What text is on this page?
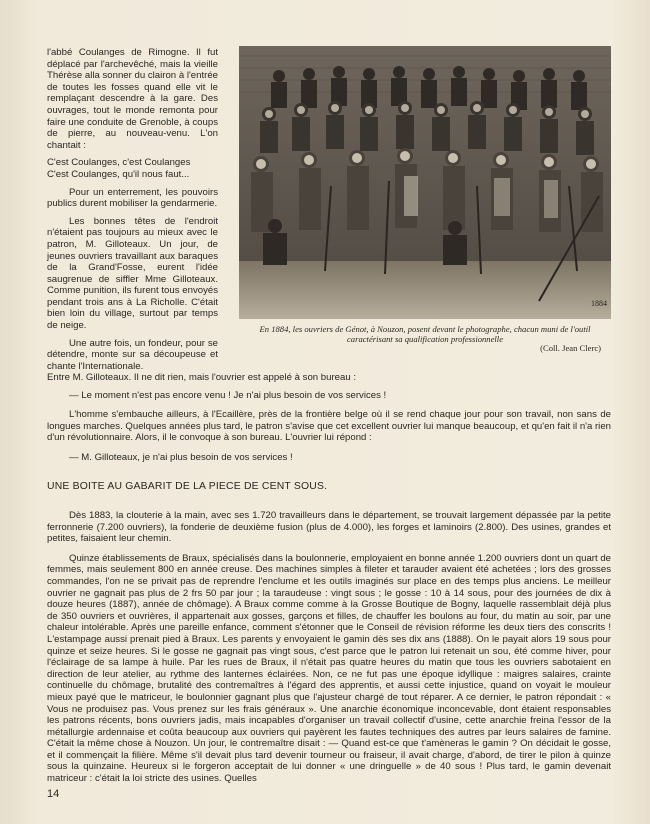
l'abbé Coulanges de Rimogne. Il fut déplacé par l'archevêché, mais la vieille Thérèse alla sonner du clairon à l'entrée de toutes les fosses quand elle vit le remplaçant descendre à la gare. Des ouvrages, tout le monde remonta pour faire une conduite de Grenoble, à coups de pierre, au nouveau-venu. L'on chantait :

C'est Coulanges, c'est Coulanges
C'est Coulanges, qu'il nous faut...

Pour un enterrement, les pouvoirs publics durent mobiliser la gendarmerie.

Les bonnes têtes de l'endroit n'étaient pas toujours au mieux avec le patron, M. Gilloteaux. Un jour, de jeunes ouvriers travaillant aux baraques de la Grand'Fosse, eurent l'idée saugrenue de siffler Mme Gilloteaux. Comme punition, ils furent tous envoyés pendant trois ans à La Richolle. C'était bien loin du village, surtout par temps de neige.

Une autre fois, un fondeur, pour se détendre, monte sur sa découpeuse et chante l'Internationale.

1884
En 1884, les ouvriers de Génot, à Nouzon, posent devant le photographe, chacun muni de l'outil caractérisant sa qualification professionnelle
(Coll. Jean Clerc)

Entre M. Gilloteaux. Il ne dit rien, mais l'ouvrier est appelé à son bureau :

— Le moment n'est pas encore venu ! Je n'ai plus besoin de vos services !

L'homme s'embauche ailleurs, à l'Ecaillère, près de la frontière belge où il se rend chaque jour pour son travail, non sans de longues marches. Quelques années plus tard, le patron s'avise que cet excellent ouvrier lui manque beaucoup, et qu'en fait il n'a rien d'un révolutionnaire. Alors, il le convoque à son bureau. L'ouvrier lui répond :

— M. Gilloteaux, je n'ai plus besoin de vos services !

UNE BOITE AU GABARIT DE LA PIECE DE CENT SOUS.

Dès 1883, la clouterie à la main, avec ses 1.720 travailleurs dans le département, se trouvait largement dépassée par la petite ferronnerie (7.200 ouvriers), la fonderie de deuxième fusion (plus de 4.000), les forges et laminoirs (2.800). Des usines, grandes et petites, faisaient leur chemin.

Quinze établissements de Braux, spécialisés dans la boulonnerie, employaient en bonne année 1.200 ouvriers dont un quart de femmes, mais seulement 800 en année creuse. Des machines simples à fileter et tarauder avaient été achetées ; lors des grosses commandes, l'on ne se privait pas de reprendre l'enclume et les outils imaginés sur place en des temps plus anciens. Le meilleur ouvrier ne gagnait pas plus de 2 frs 50 par jour ; la taraudeuse : vingt sous ; le gosse : 10 à 14 sous, pour des journées de dix à douze heures (1887), année de chômage). A Braux comme comme à la Grosse Boutique de Bogny, laquelle rassemblait déjà plus de 350 ouvriers et ouvrières, il appartenait aux gosses, garçons et filles, de chauffer les boulons au four, du matin au soir, par une chaleur intolérable. Après une pareille enfance, comment s'étonner que le Conseil de révision réforme les deux tiers des conscrits ! L'estampage aussi prenait pied à Braux. Les parents y envoyaient le gamin dès ses dix ans (1888). On le payait alors 19 sous pour quinze et seize heures. Si le gosse ne gagnait pas vingt sous, c'est parce que le patron lui retenait un sou, été comme hiver, pour l'éclairage de sa lampe à huile. Par les rues de Braux, il n'était pas quatre heures du matin que tous les ouvriers sabotaient en direction de leur atelier, au rythme des lanternes éclairées. Non, ce ne fut pas une époque idyllique : maigres salaires, crainte continuelle du chômage, brutalité des contremaîtres à l'égard des apprentis, et aussi cette injustice, quand on voyait le mouleur mieux payé que le matriceur, le boulonnier gagnant plus que l'ajusteur chargé de tout réparer. A ce dernier, le patron répondait : « Vous ne produisez pas. Vous prenez sur les frais généraux ». Une anarchie économique inconcevable, dont étaient responsables les patrons récents, bons ouvriers jadis, mais incapables d'organiser un travail collectif d'usine, cette anarchie freina l'essor de la métallurgie ardennaise et coûta beaucoup aux ouvriers qui payèrent les fautes techniques des autres par leurs salaires de famine. C'était la même chose à Nouzon. Un jour, le contremaître disait : — Quand est-ce que t'amèneras le gamin ? On décidait le gosse, et il commençait la filière. Même s'il devait plus tard devenir tourneur ou fraiseur, il avait charge, d'abord, de tirer le pilon à quinze sous la quinzaine. Heureux si le forgeron acceptait de lui donner « une dringuelle » de 40 sous ! Plus tard, le gamin devenait matriceur : c'était la loi stricte des usines. Quelles

14
